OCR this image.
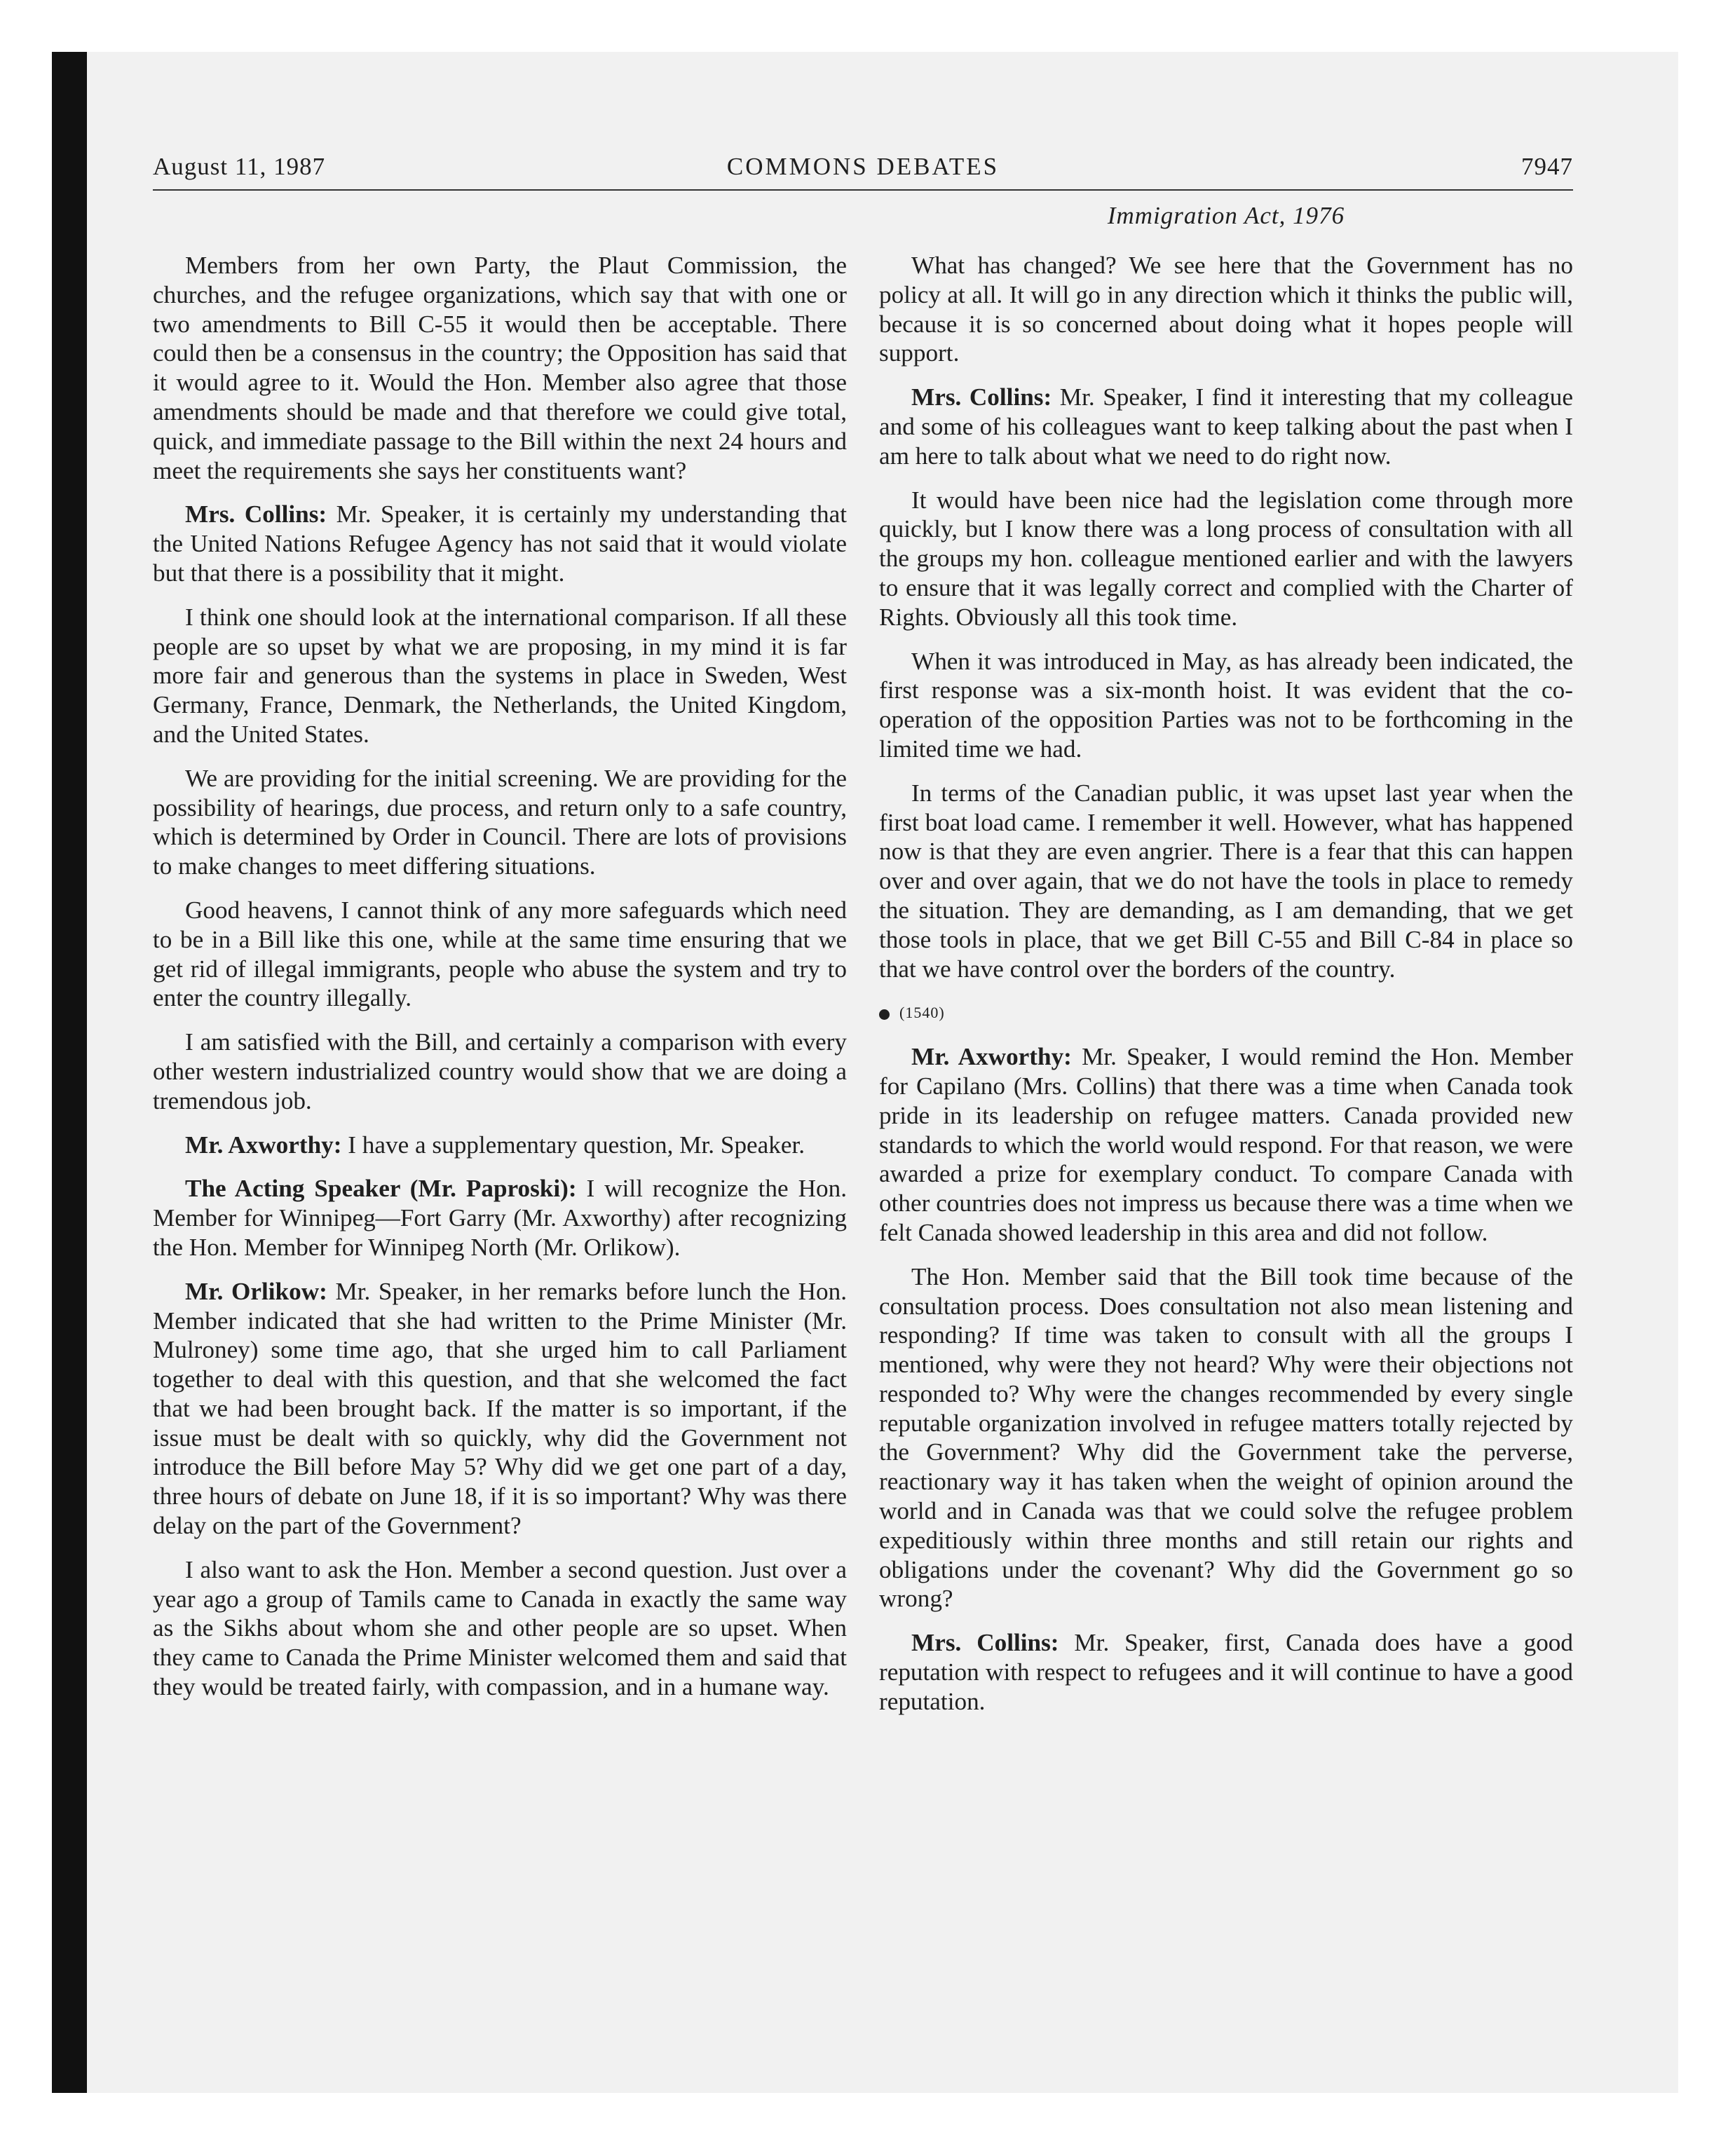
August 11, 1987	COMMONS DEBATES	7947
Immigration Act, 1976

Members from her own Party, the Plaut Commission, the churches, and the refugee organizations, which say that with one or two amendments to Bill C-55 it would then be acceptable. There could then be a consensus in the country; the Opposition has said that it would agree to it. Would the Hon. Member also agree that those amendments should be made and that therefore we could give total, quick, and immediate passage to the Bill within the next 24 hours and meet the requirements she says her constituents want?

Mrs. Collins: Mr. Speaker, it is certainly my understanding that the United Nations Refugee Agency has not said that it would violate but that there is a possibility that it might.

I think one should look at the international comparison. If all these people are so upset by what we are proposing, in my mind it is far more fair and generous than the systems in place in Sweden, West Germany, France, Denmark, the Netherlands, the United Kingdom, and the United States.

We are providing for the initial screening. We are providing for the possibility of hearings, due process, and return only to a safe country, which is determined by Order in Council. There are lots of provisions to make changes to meet differing situations.

Good heavens, I cannot think of any more safeguards which need to be in a Bill like this one, while at the same time ensuring that we get rid of illegal immigrants, people who abuse the system and try to enter the country illegally.

I am satisfied with the Bill, and certainly a comparison with every other western industrialized country would show that we are doing a tremendous job.

Mr. Axworthy: I have a supplementary question, Mr. Speaker.

The Acting Speaker (Mr. Paproski): I will recognize the Hon. Member for Winnipeg—Fort Garry (Mr. Axworthy) after recognizing the Hon. Member for Winnipeg North (Mr. Orlikow).

Mr. Orlikow: Mr. Speaker, in her remarks before lunch the Hon. Member indicated that she had written to the Prime Minister (Mr. Mulroney) some time ago, that she urged him to call Parliament together to deal with this question, and that she welcomed the fact that we had been brought back. If the matter is so important, if the issue must be dealt with so quickly, why did the Government not introduce the Bill before May 5? Why did we get one part of a day, three hours of debate on June 18, if it is so important? Why was there delay on the part of the Government?

I also want to ask the Hon. Member a second question. Just over a year ago a group of Tamils came to Canada in exactly the same way as the Sikhs about whom she and other people are so upset. When they came to Canada the Prime Minister welcomed them and said that they would be treated fairly, with compassion, and in a humane way.

What has changed? We see here that the Government has no policy at all. It will go in any direction which it thinks the public will, because it is so concerned about doing what it hopes people will support.

Mrs. Collins: Mr. Speaker, I find it interesting that my colleague and some of his colleagues want to keep talking about the past when I am here to talk about what we need to do right now.

It would have been nice had the legislation come through more quickly, but I know there was a long process of consultation with all the groups my hon. colleague mentioned earlier and with the lawyers to ensure that it was legally correct and complied with the Charter of Rights. Obviously all this took time.

When it was introduced in May, as has already been indicated, the first response was a six-month hoist. It was evident that the co-operation of the opposition Parties was not to be forthcoming in the limited time we had.

In terms of the Canadian public, it was upset last year when the first boat load came. I remember it well. However, what has happened now is that they are even angrier. There is a fear that this can happen over and over again, that we do not have the tools in place to remedy the situation. They are demanding, as I am demanding, that we get those tools in place, that we get Bill C-55 and Bill C-84 in place so that we have control over the borders of the country.

(1540)

Mr. Axworthy: Mr. Speaker, I would remind the Hon. Member for Capilano (Mrs. Collins) that there was a time when Canada took pride in its leadership on refugee matters. Canada provided new standards to which the world would respond. For that reason, we were awarded a prize for exemplary conduct. To compare Canada with other countries does not impress us because there was a time when we felt Canada showed leadership in this area and did not follow.

The Hon. Member said that the Bill took time because of the consultation process. Does consultation not also mean listening and responding? If time was taken to consult with all the groups I mentioned, why were they not heard? Why were their objections not responded to? Why were the changes recommended by every single reputable organization involved in refugee matters totally rejected by the Government? Why did the Government take the perverse, reactionary way it has taken when the weight of opinion around the world and in Canada was that we could solve the refugee problem expeditiously within three months and still retain our rights and obligations under the covenant? Why did the Government go so wrong?

Mrs. Collins: Mr. Speaker, first, Canada does have a good reputation with respect to refugees and it will continue to have a good reputation.
